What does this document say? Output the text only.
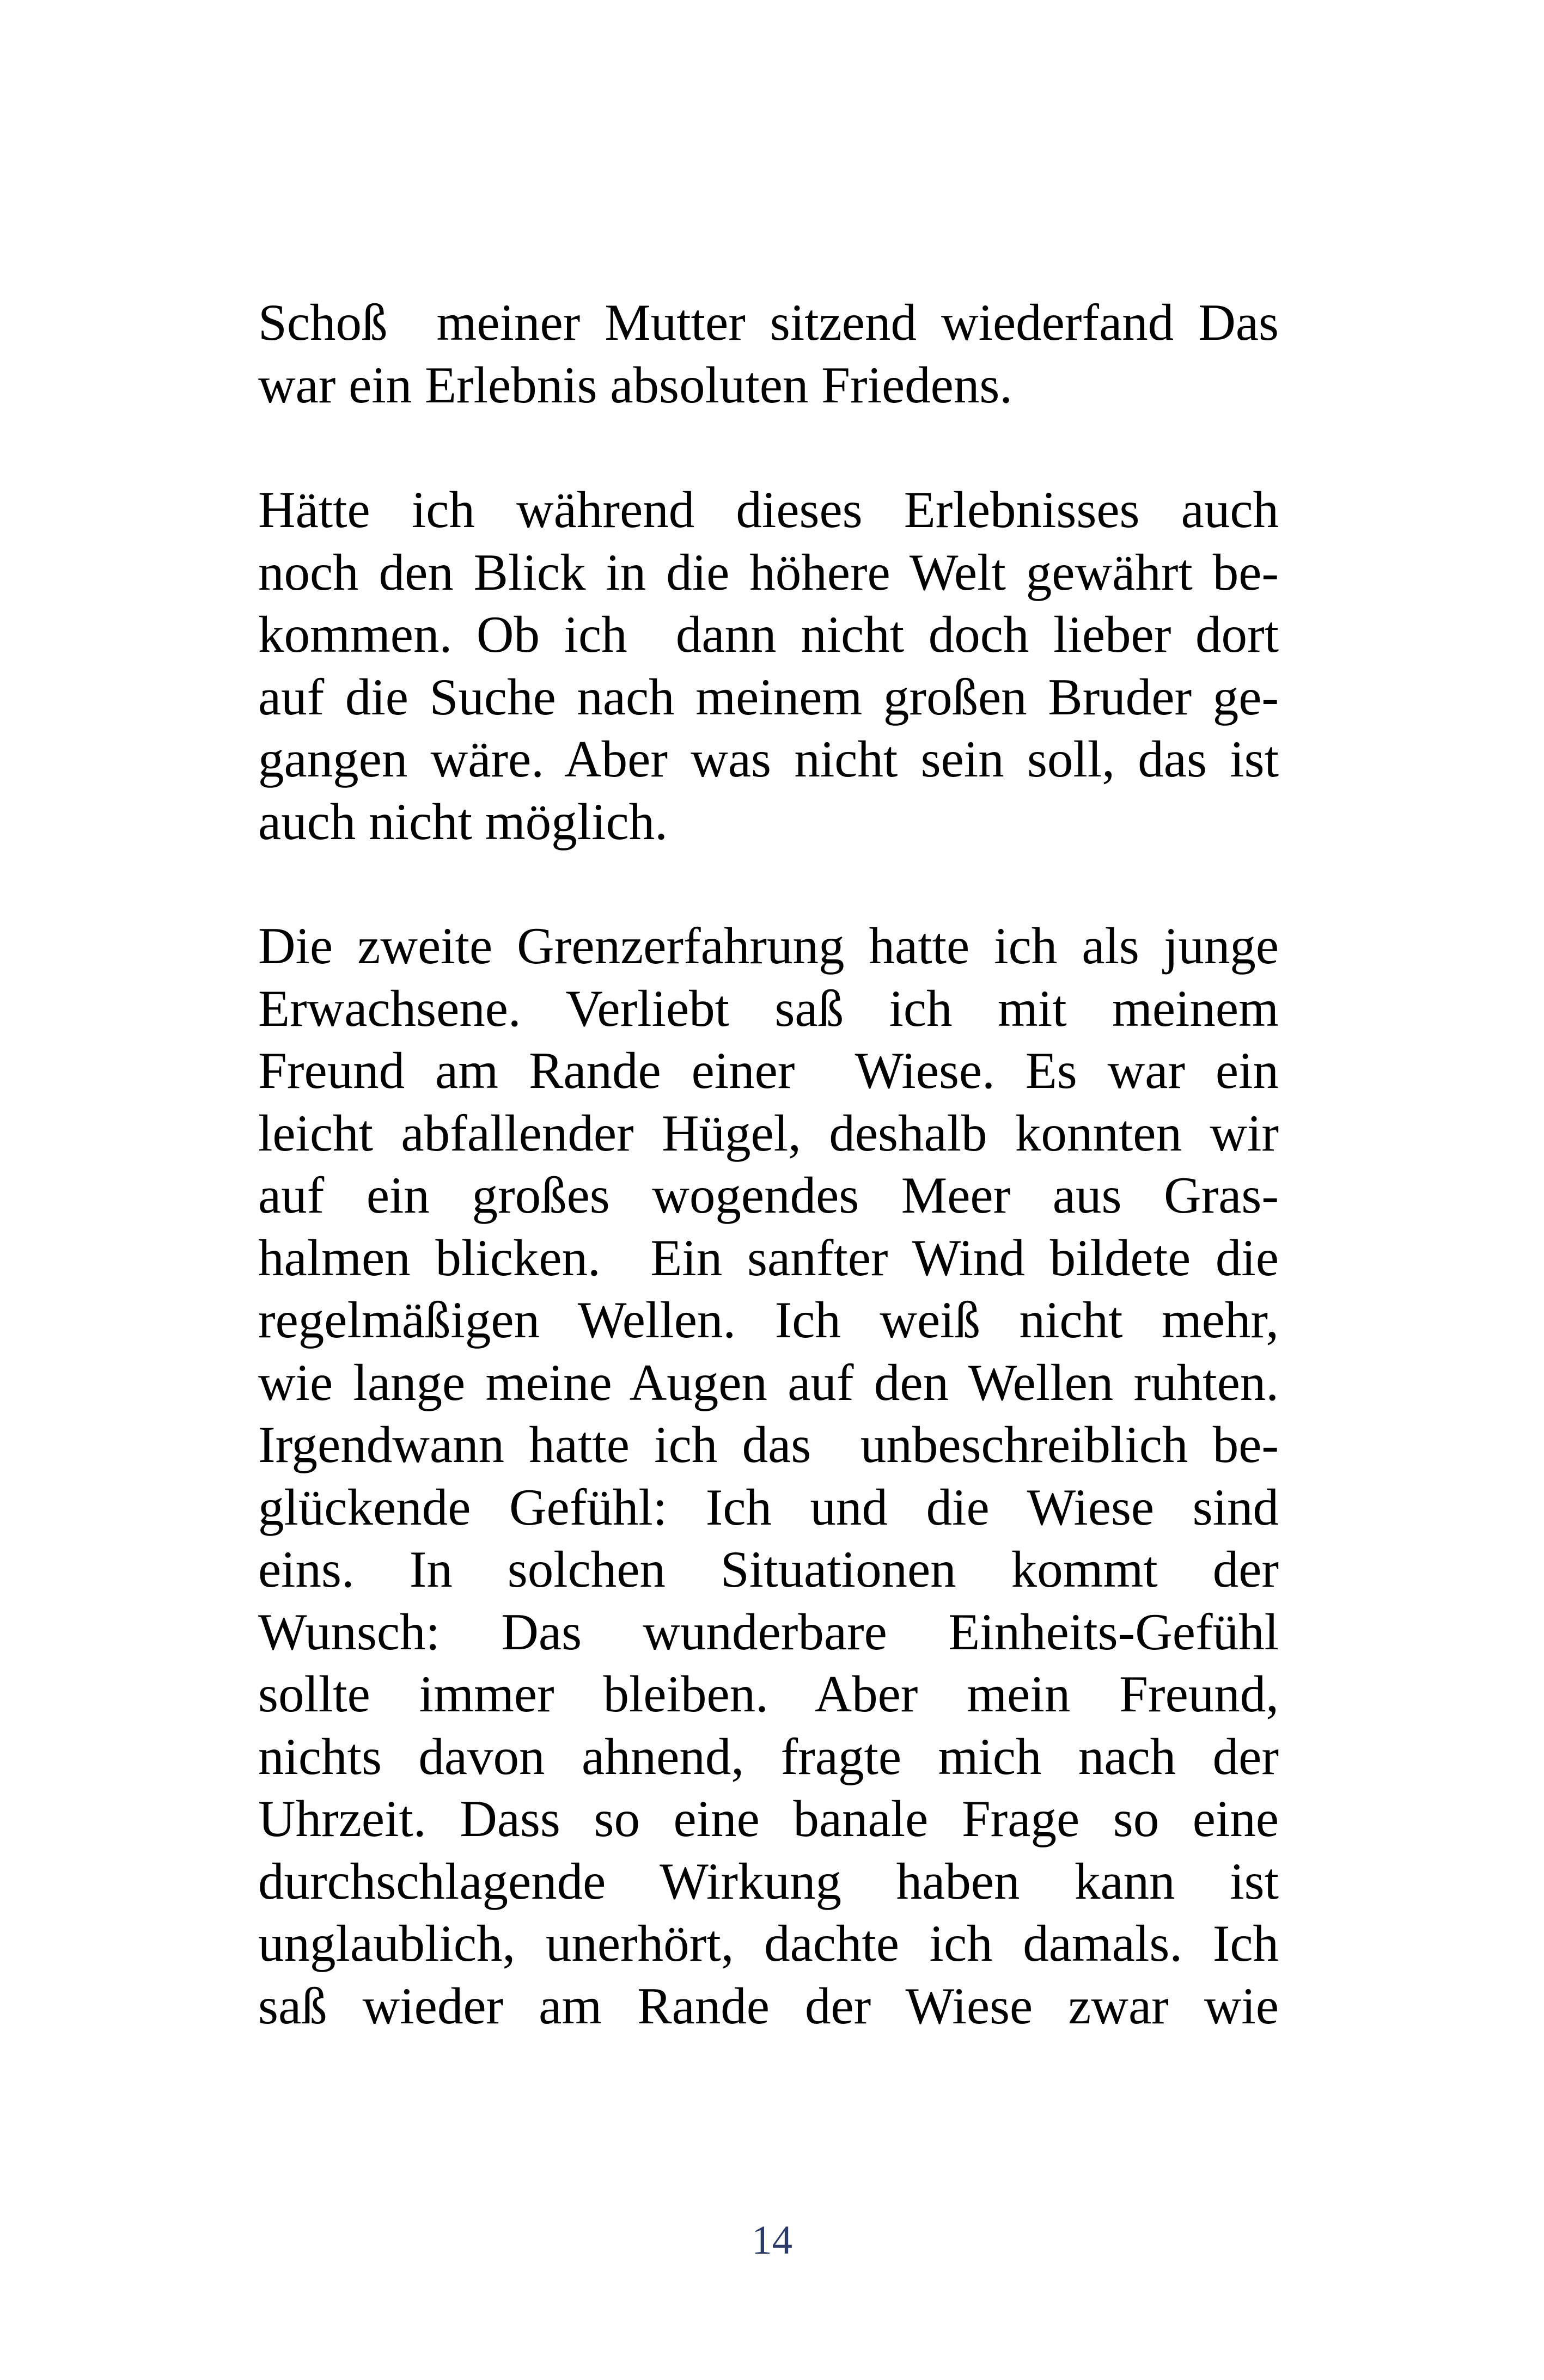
Schoß  meiner Mutter sitzend wiederfand Das
war ein Erlebnis absoluten Friedens.
Hätte ich während dieses Erlebnisses auch
noch den Blick in die höhere Welt gewährt be-
kommen. Ob ich  dann nicht doch lieber dort
auf die Suche nach meinem großen Bruder ge-
gangen wäre. Aber was nicht sein soll, das ist
auch nicht möglich.
Die zweite Grenzerfahrung hatte ich als junge
Erwachsene. Verliebt saß ich mit meinem
Freund am Rande einer  Wiese. Es war ein
leicht abfallender Hügel, deshalb konnten wir
auf ein großes wogendes Meer aus Gras-
halmen blicken.  Ein sanfter Wind bildete die
regelmäßigen Wellen. Ich weiß nicht mehr,
wie lange meine Augen auf den Wellen ruhten.
Irgendwann hatte ich das  unbeschreiblich be-
glückende Gefühl: Ich und die Wiese sind
eins. In solchen Situationen kommt der
Wunsch: Das wunderbare Einheits-Gefühl
sollte immer bleiben. Aber mein Freund,
nichts davon ahnend, fragte mich nach der
Uhrzeit. Dass so eine banale Frage so eine
durchschlagende Wirkung haben kann ist
unglaublich, unerhört, dachte ich damals. Ich
saß wieder am Rande der Wiese zwar wie
14
